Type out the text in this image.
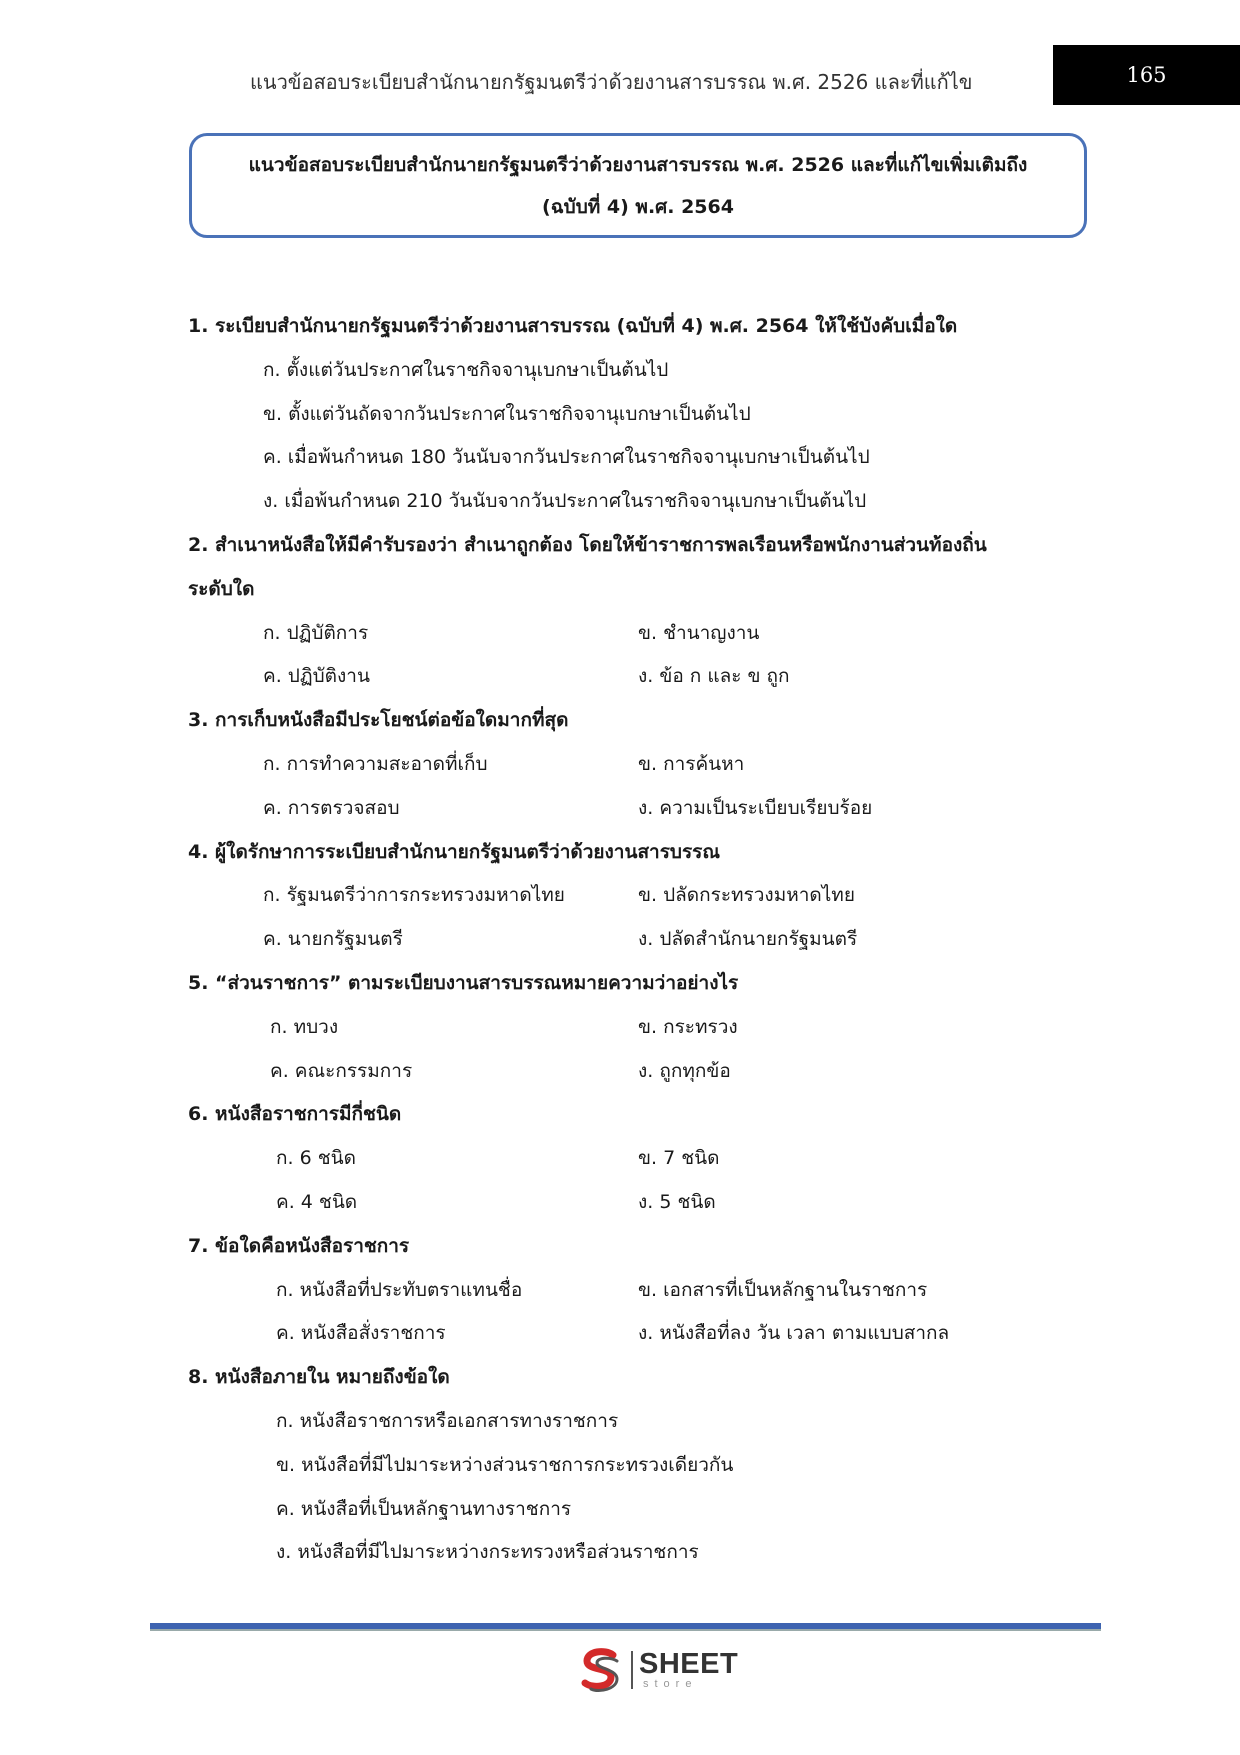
แนวข้อสอบระเบียบสำนักนายกรัฐมนตรีว่าด้วยงานสารบรรณ พ.ศ. 2526 และที่แก้ไข	165
แนวข้อสอบระเบียบสำนักนายกรัฐมนตรีว่าด้วยงานสารบรรณ พ.ศ. 2526 และที่แก้ไขเพิ่มเติมถึง
(ฉบับที่ 4) พ.ศ. 2564
1. ระเบียบสำนักนายกรัฐมนตรีว่าด้วยงานสารบรรณ (ฉบับที่ 4) พ.ศ. 2564 ให้ใช้บังคับเมื่อใด
ก. ตั้งแต่วันประกาศในราชกิจจานุเบกษาเป็นต้นไป
ข. ตั้งแต่วันถัดจากวันประกาศในราชกิจจานุเบกษาเป็นต้นไป
ค. เมื่อพ้นกำหนด 180 วันนับจากวันประกาศในราชกิจจานุเบกษาเป็นต้นไป
ง. เมื่อพ้นกำหนด 210 วันนับจากวันประกาศในราชกิจจานุเบกษาเป็นต้นไป
2. สำเนาหนังสือให้มีคำรับรองว่า สำเนาถูกต้อง โดยให้ข้าราชการพลเรือนหรือพนักงานส่วนท้องถิ่น
ระดับใด
ก. ปฏิบัติการ	ข. ชำนาญงาน
ค. ปฏิบัติงาน	ง. ข้อ ก และ ข ถูก
3. การเก็บหนังสือมีประโยชน์ต่อข้อใดมากที่สุด
ก. การทำความสะอาดที่เก็บ	ข. การค้นหา
ค. การตรวจสอบ	ง. ความเป็นระเบียบเรียบร้อย
4. ผู้ใดรักษาการระเบียบสำนักนายกรัฐมนตรีว่าด้วยงานสารบรรณ
ก. รัฐมนตรีว่าการกระทรวงมหาดไทย	ข. ปลัดกระทรวงมหาดไทย
ค. นายกรัฐมนตรี	ง. ปลัดสำนักนายกรัฐมนตรี
5. “ส่วนราชการ” ตามระเบียบงานสารบรรณหมายความว่าอย่างไร
ก. ทบวง	ข. กระทรวง
ค. คณะกรรมการ	ง. ถูกทุกข้อ
6. หนังสือราชการมีกี่ชนิด
ก. 6 ชนิด	ข. 7 ชนิด
ค. 4 ชนิด	ง. 5 ชนิด
7. ข้อใดคือหนังสือราชการ
ก. หนังสือที่ประทับตราแทนชื่อ	ข. เอกสารที่เป็นหลักฐานในราชการ
ค. หนังสือสั่งราชการ	ง. หนังสือที่ลง วัน เวลา ตามแบบสากล
8. หนังสือภายใน หมายถึงข้อใด
ก. หนังสือราชการหรือเอกสารทางราชการ
ข. หนังสือที่มีไปมาระหว่างส่วนราชการกระทรวงเดียวกัน
ค. หนังสือที่เป็นหลักฐานทางราชการ
ง. หนังสือที่มีไปมาระหว่างกระทรวงหรือส่วนราชการ
SHEET
store
